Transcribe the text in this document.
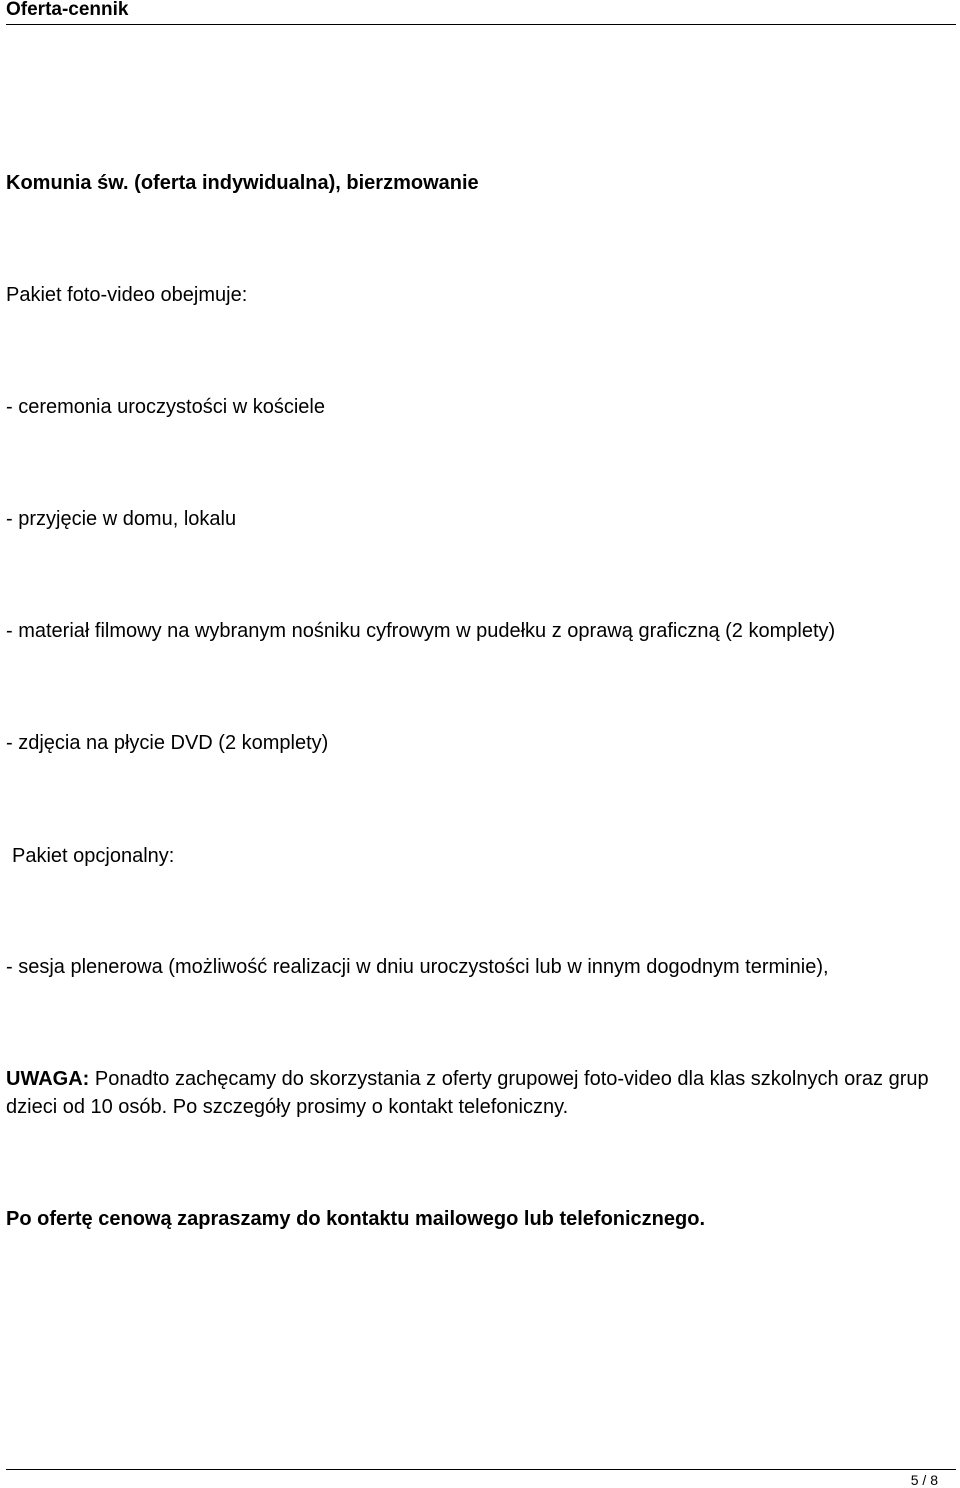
Oferta-cennik
Komunia św. (oferta indywidualna), bierzmowanie
Pakiet foto-video obejmuje:
- ceremonia uroczystości w kościele
- przyjęcie w domu, lokalu
- materiał filmowy na wybranym nośniku cyfrowym w pudełku z oprawą graficzną (2 komplety)
- zdjęcia na płycie DVD (2 komplety)
Pakiet opcjonalny:
- sesja plenerowa (możliwość realizacji w dniu uroczystości lub w innym dogodnym terminie),
UWAGA: Ponadto zachęcamy do skorzystania z oferty grupowej foto-video dla klas szkolnych oraz grup dzieci od 10 osób. Po szczegóły prosimy o kontakt telefoniczny.
Po ofertę cenową zapraszamy do kontaktu mailowego lub telefonicznego.
5 / 8
